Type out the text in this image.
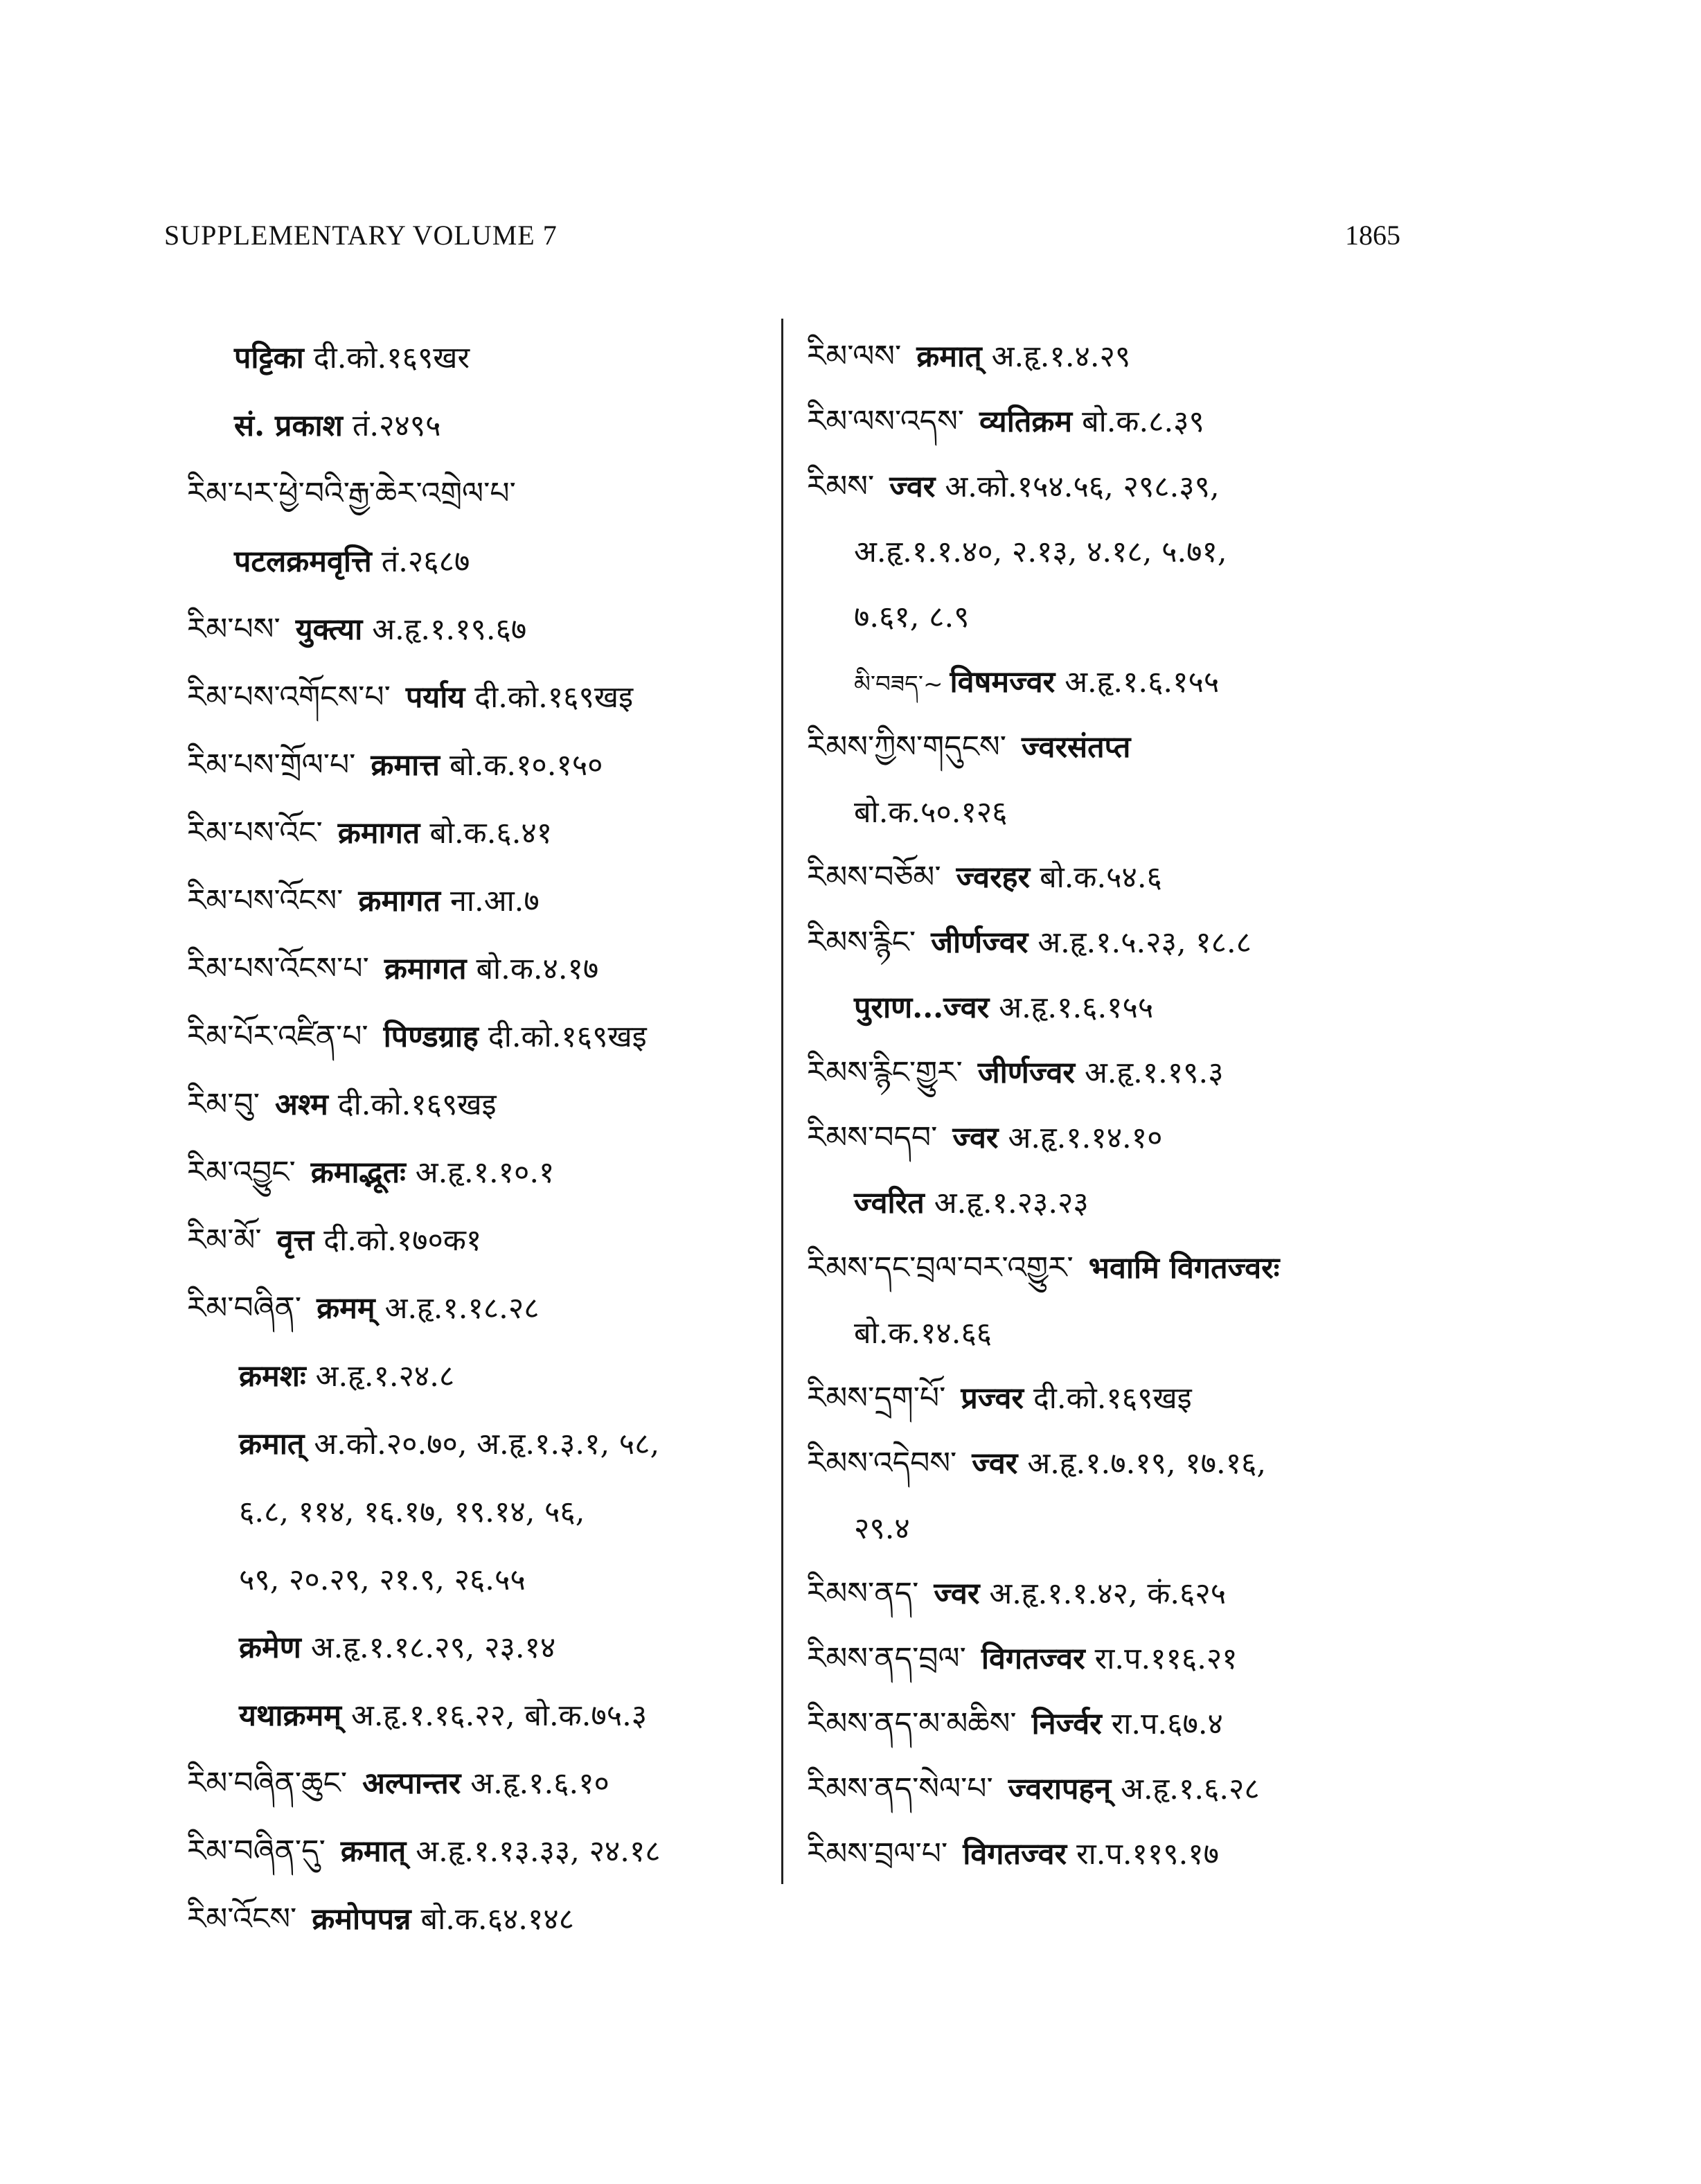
SUPPLEMENTARY VOLUME 7	1865
पट्टिका दी.को.१६९खर
सं. प्रकाश तं.२४९५
རིམ་པར་ཕྱེ་བའི་རྒྱ་ཆེར་འགྲེལ་པ་
पटलक्रमवृत्ति तं.२६८७
རིམ་པས་ युक्त्या अ.हृ.१.१९.६७
རིམ་པས་འགོངས་པ་ पर्याय दी.को.१६९खइ
རིམ་པས་གྲོལ་པ་ क्रमात्त बो.क.१०.१५०
རིམ་པས་འོང་ क्रमागत बो.क.६.४१
རིམ་པས་འོངས་ क्रमागत ना.आ.७
རིམ་པས་འོངས་པ་ क्रमागत बो.क.४.१७
རིམ་པོར་འཛིན་པ་ पिण्डग्राह दी.को.१६९खइ
རིམ་བུ་ अश्म दी.को.१६९खइ
རིམ་འབྱུང་ क्रमाद्भूतः अ.हृ.१.१०.१
རིམ་མོ་ वृत्त दी.को.१७०क१
རིམ་བཞིན་ क्रमम् अ.हृ.१.१८.२८
क्रमशः अ.हृ.१.२४.८
क्रमात् अ.को.२०.७०, अ.हृ.१.३.१, ५८,
६.८, ११४, १६.१७, १९.१४, ५६,
५९, २०.२९, २१.९, २६.५५
क्रमेण अ.हृ.१.१८.२९, २३.१४
यथाक्रमम् अ.हृ.१.१६.२२, बो.क.७५.३
རིམ་བཞིན་ཆུང་ अल्पान्तर अ.हृ.१.६.१०
རིམ་བཞིན་དུ་ क्रमात् अ.हृ.१.१३.३३, २४.१८
རིམ་འོངས་ क्रमोपपन्न बो.क.६४.१४८
རིམ་ལས་ क्रमात् अ.हृ.१.४.२९
རིམ་ལས་འདས་ व्यतिक्रम बो.क.८.३९
རིམས་ ज्वर अ.को.१५४.५६, २९८.३९,
अ.हृ.१.१.४०, २.१३, ४.१८, ५.७१,
७.६१, ८.९
མི་བཟད་~ विषमज्वर अ.हृ.१.६.१५५
རིམས་ཀྱིས་གདུངས་ ज्वरसंतप्त
बो.क.५०.१२६
རིམས་བཅོམ་ ज्वरहर बो.क.५४.६
རིམས་རྙིང་ जीर्णज्वर अ.हृ.१.५.२३, १८.८
पुराण...ज्वर अ.हृ.१.६.१५५
རིམས་རྙིང་གྱུར་ जीर्णज्वर अ.हृ.१.१९.३
རིམས་བདབ་ ज्वर अ.हृ.१.१४.१०
ज्वरित अ.हृ.१.२३.२३
རིམས་དང་བྲལ་བར་འགྱུར་ भवामि विगतज्वरः
बो.क.१४.६६
རིམས་དྲག་པོ་ प्रज्वर दी.को.१६९खइ
རིམས་འདེབས་ ज्वर अ.हृ.१.७.१९, १७.१६,
२९.४
རིམས་ནད་ ज्वर अ.हृ.१.१.४२, कं.६२५
རིམས་ནད་བྲལ་ विगतज्वर रा.प.११६.२१
རིམས་ནད་མ་མཆིས་ निर्ज्वर रा.प.६७.४
རིམས་ནད་སེལ་པ་ ज्वरापहन् अ.हृ.१.६.२८
རིམས་བྲལ་པ་ विगतज्वर रा.प.११९.१७
